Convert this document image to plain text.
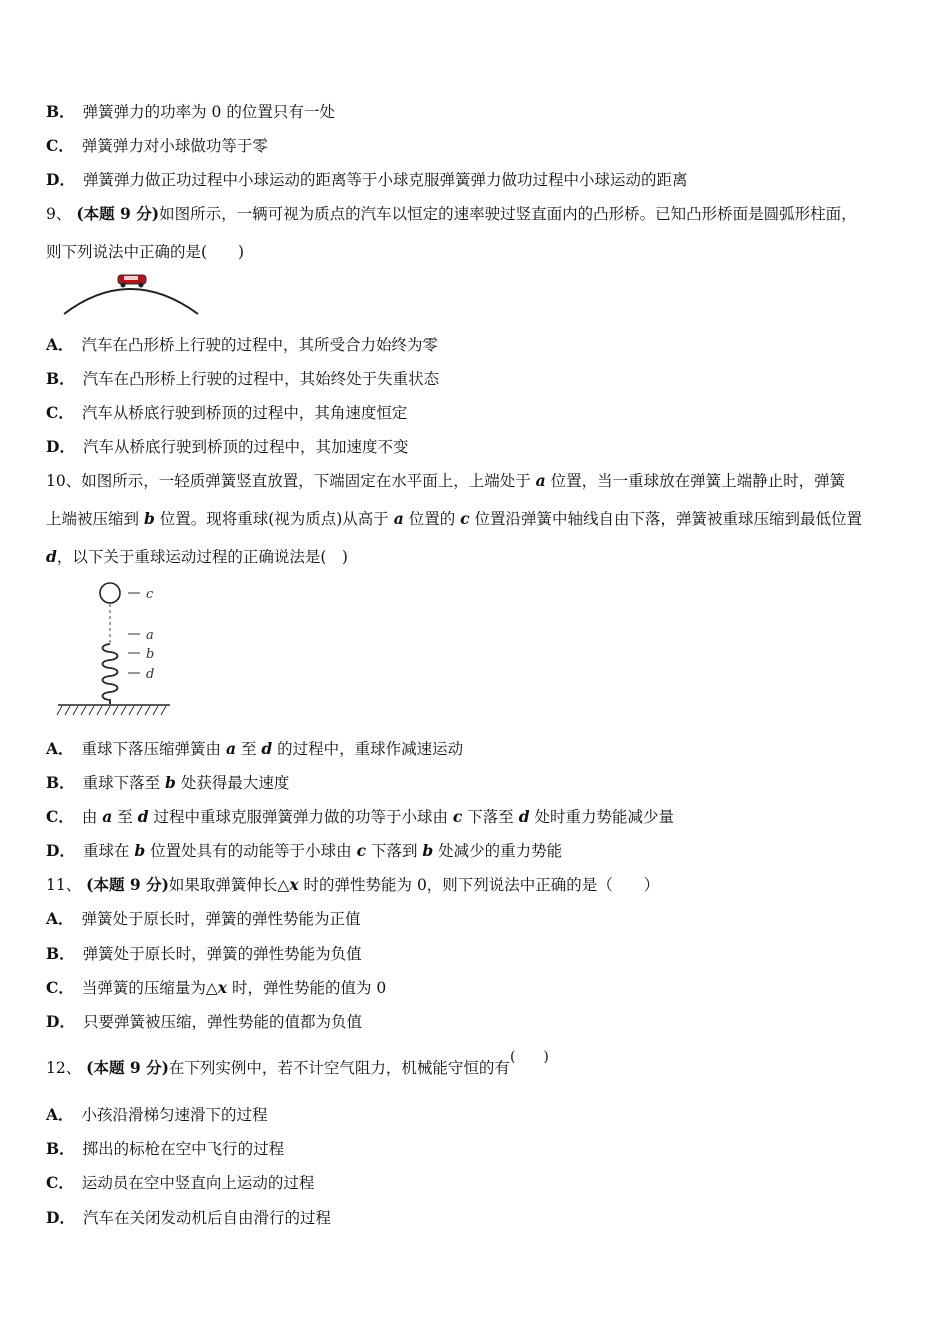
B． 弹簧弹力的功率为 0 的位置只有一处
C． 弹簧弹力对小球做功等于零
D． 弹簧弹力做正功过程中小球运动的距离等于小球克服弹簧弹力做功过程中小球运动的距离
9、 (本题 9 分)如图所示，一辆可视为质点的汽车以恒定的速率驶过竖直面内的凸形桥。已知凸形桥面是圆弧形柱面，
则下列说法中正确的是(　　)
A． 汽车在凸形桥上行驶的过程中，其所受合力始终为零
B． 汽车在凸形桥上行驶的过程中，其始终处于失重状态
C． 汽车从桥底行驶到桥顶的过程中，其角速度恒定
D． 汽车从桥底行驶到桥顶的过程中，其加速度不变
10、如图所示，一轻质弹簧竖直放置，下端固定在水平面上，上端处于 a 位置，当一重球放在弹簧上端静止时，弹簧
上端被压缩到 b 位置。现将重球(视为质点)从高于 a 位置的 c 位置沿弹簧中轴线自由下落，弹簧被重球压缩到最低位置
d，以下关于重球运动过程的正确说法是(　)
c
a
b
d
A． 重球下落压缩弹簧由 a 至 d 的过程中，重球作减速运动
B． 重球下落至 b 处获得最大速度
C． 由 a 至 d 过程中重球克服弹簧弹力做的功等于小球由 c 下落至 d 处时重力势能减少量
D． 重球在 b 位置处具有的动能等于小球由 c 下落到 b 处减少的重力势能
11、 (本题 9 分)如果取弹簧伸长△x 时的弹性势能为 0，则下列说法中正确的是（　　）
A． 弹簧处于原长时，弹簧的弹性势能为正值
B． 弹簧处于原长时，弹簧的弹性势能为负值
C． 当弹簧的压缩量为△x 时，弹性势能的值为 0
D． 只要弹簧被压缩，弹性势能的值都为负值
12、 (本题 9 分)在下列实例中，若不计空气阻力，机械能守恒的有(　　)
A． 小孩沿滑梯匀速滑下的过程
B． 掷出的标枪在空中飞行的过程
C． 运动员在空中竖直向上运动的过程
D． 汽车在关闭发动机后自由滑行的过程
